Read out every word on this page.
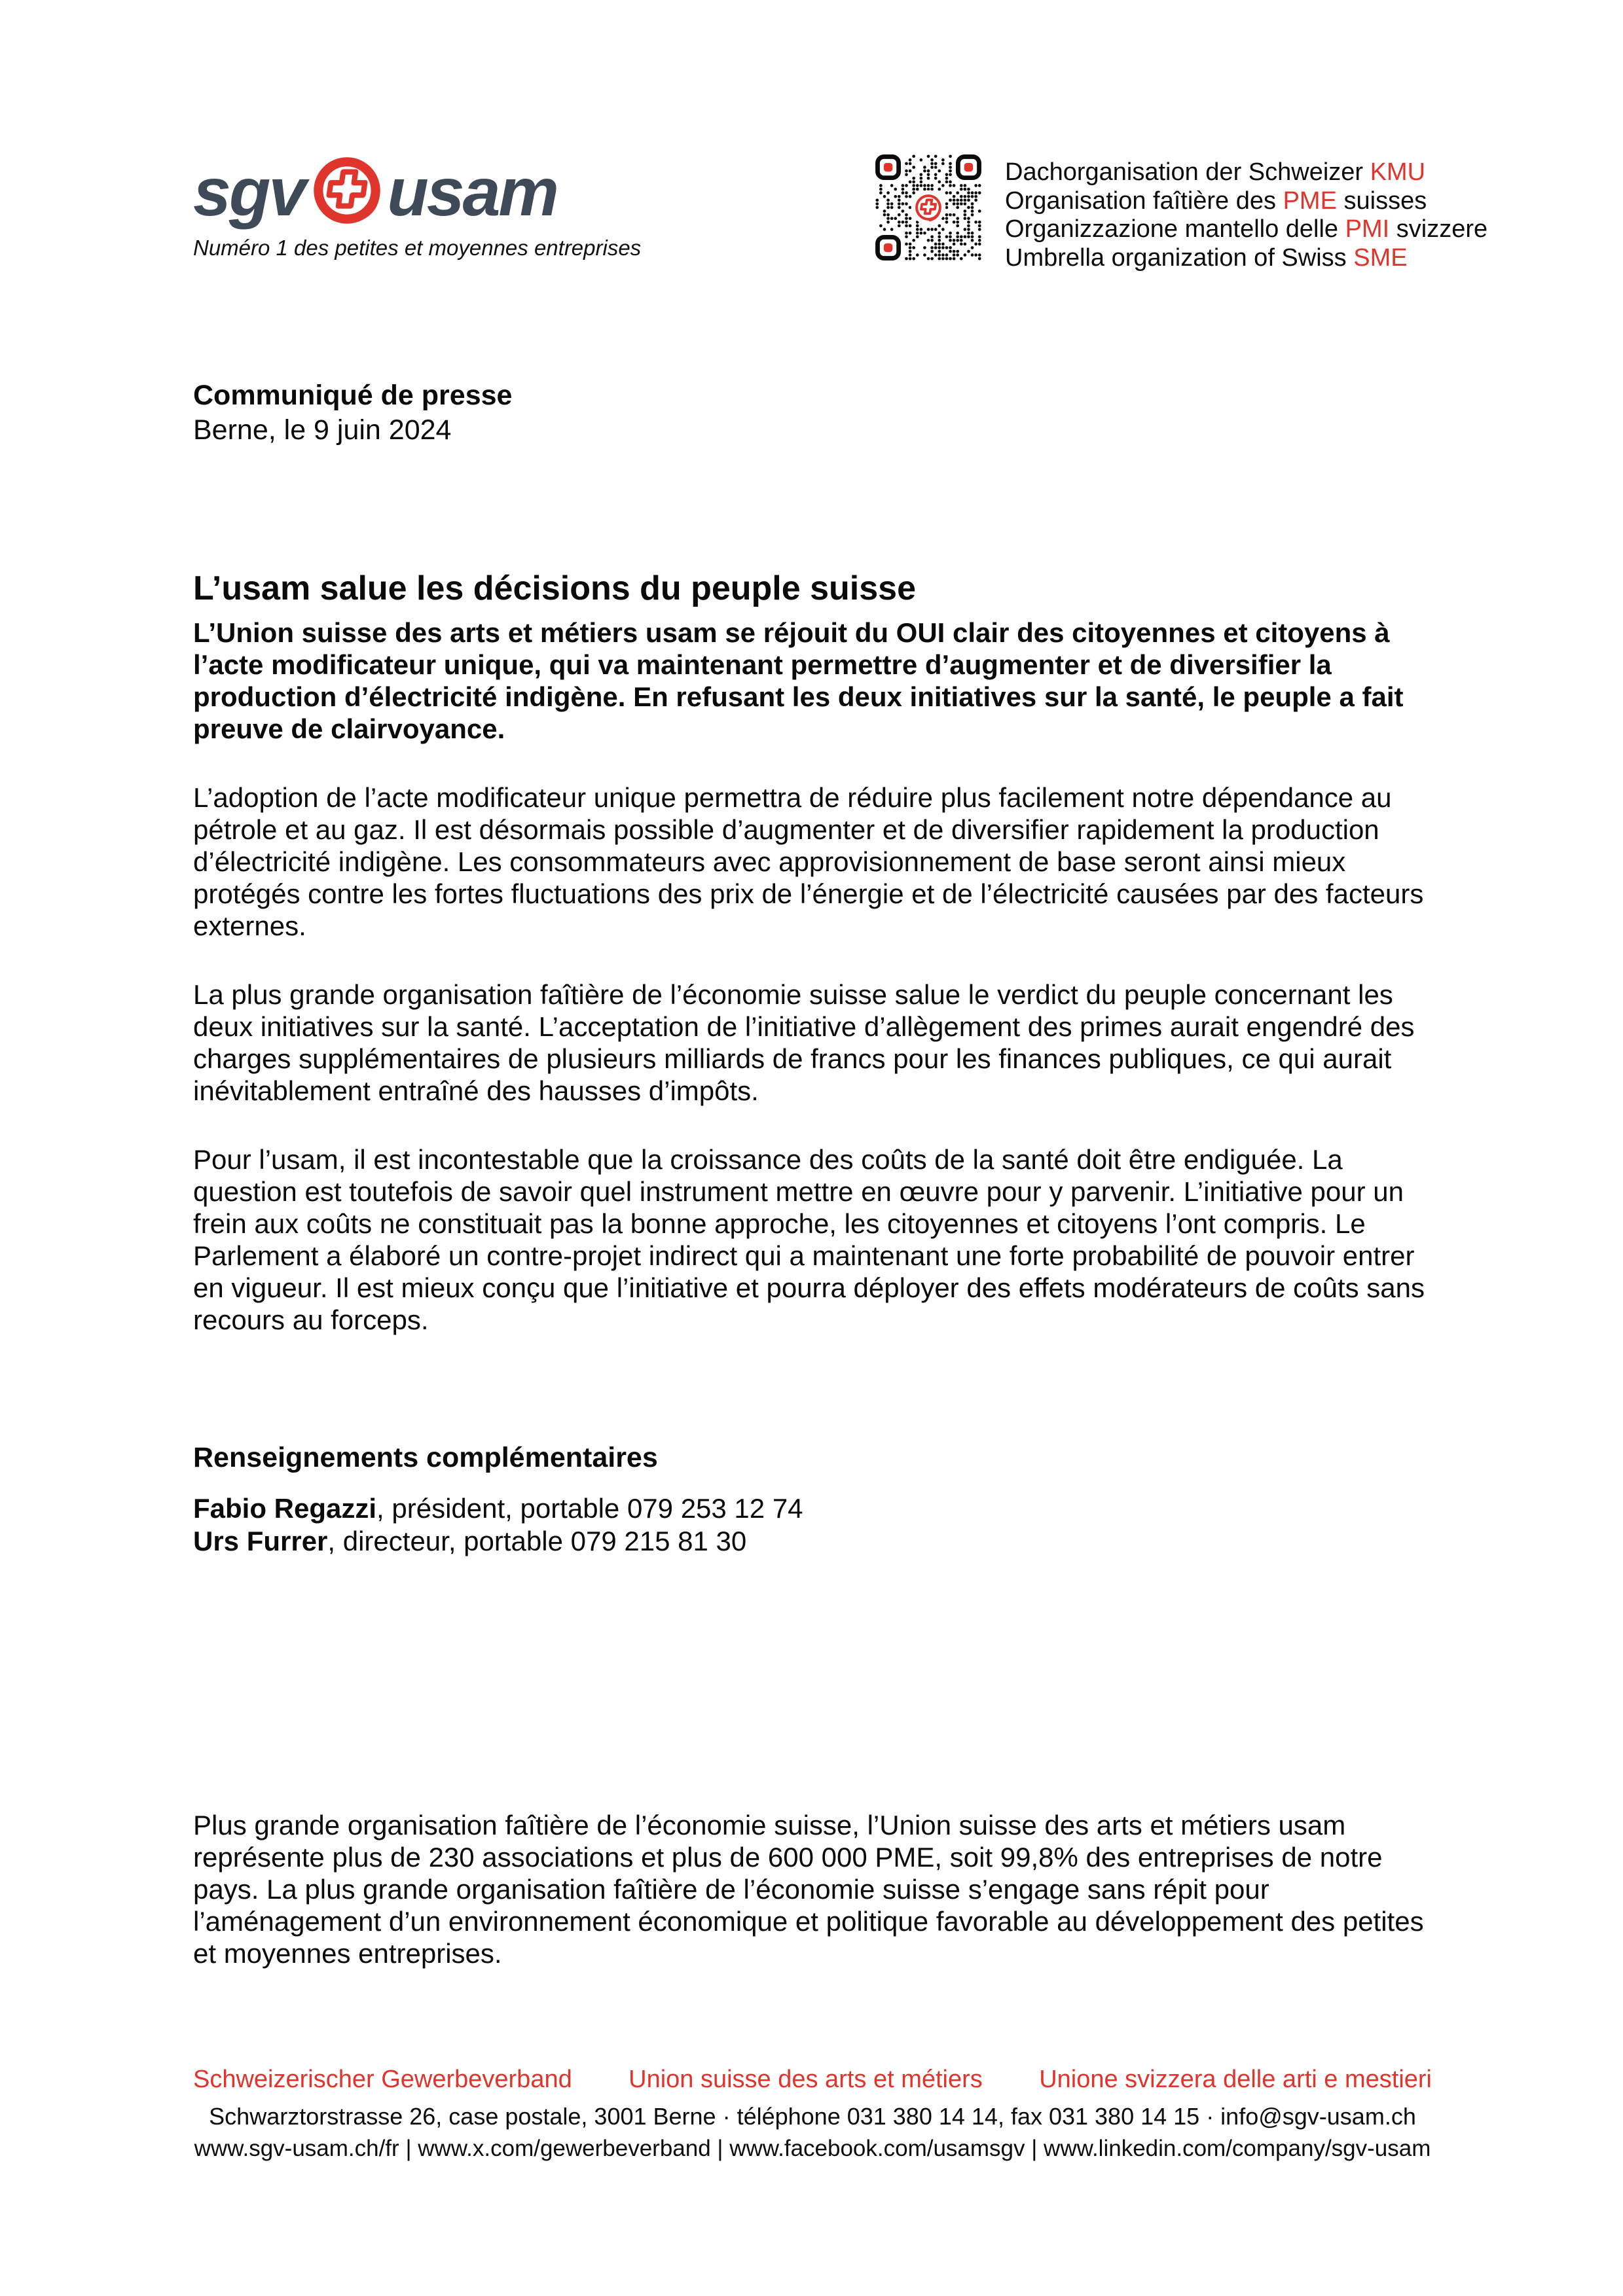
sgv usam
Numéro 1 des petites et moyennes entreprises
Dachorganisation der Schweizer KMU
Organisation faîtière des PME suisses
Organizzazione mantello delle PMI svizzere
Umbrella organization of Swiss SME
Communiqué de presse
Berne, le 9 juin 2024
L’usam salue les décisions du peuple suisse

L’Union suisse des arts et métiers usam se réjouit du OUI clair des citoyennes et citoyens à l’acte modificateur unique, qui va maintenant permettre d’augmenter et de diversifier la production d’électricité indigène. En refusant les deux initiatives sur la santé, le peuple a fait preuve de clairvoyance.

L’adoption de l’acte modificateur unique permettra de réduire plus facilement notre dépendance au pétrole et au gaz. Il est désormais possible d’augmenter et de diversifier rapidement la production d’électricité indigène. Les consommateurs avec approvisionnement de base seront ainsi mieux protégés contre les fortes fluctuations des prix de l’énergie et de l’électricité causées par des facteurs externes.

La plus grande organisation faîtière de l’économie suisse salue le verdict du peuple concernant les deux initiatives sur la santé. L’acceptation de l’initiative d’allègement des primes aurait engendré des charges supplémentaires de plusieurs milliards de francs pour les finances publiques, ce qui aurait inévitablement entraîné des hausses d’impôts.

Pour l’usam, il est incontestable que la croissance des coûts de la santé doit être endiguée. La question est toutefois de savoir quel instrument mettre en œuvre pour y parvenir. L’initiative pour un frein aux coûts ne constituait pas la bonne approche, les citoyennes et citoyens l’ont compris. Le Parlement a élaboré un contre-projet indirect qui a maintenant une forte probabilité de pouvoir entrer en vigueur. Il est mieux conçu que l’initiative et pourra déployer des effets modérateurs de coûts sans recours au forceps.

Renseignements complémentaires
Fabio Regazzi, président, portable 079 253 12 74
Urs Furrer, directeur, portable 079 215 81 30

Plus grande organisation faîtière de l’économie suisse, l’Union suisse des arts et métiers usam représente plus de 230 associations et plus de 600 000 PME, soit 99,8% des entreprises de notre pays. La plus grande organisation faîtière de l’économie suisse s’engage sans répit pour l’aménagement d’un environnement économique et politique favorable au développement des petites et moyennes entreprises.

Schweizerischer Gewerbeverband Union suisse des arts et métiers Unione svizzera delle arti e mestieri
Schwarztorstrasse 26, case postale, 3001 Berne · téléphone 031 380 14 14, fax 031 380 14 15 · info@sgv-usam.ch
www.sgv-usam.ch/fr | www.x.com/gewerbeverband | www.facebook.com/usamsgv | www.linkedin.com/company/sgv-usam
